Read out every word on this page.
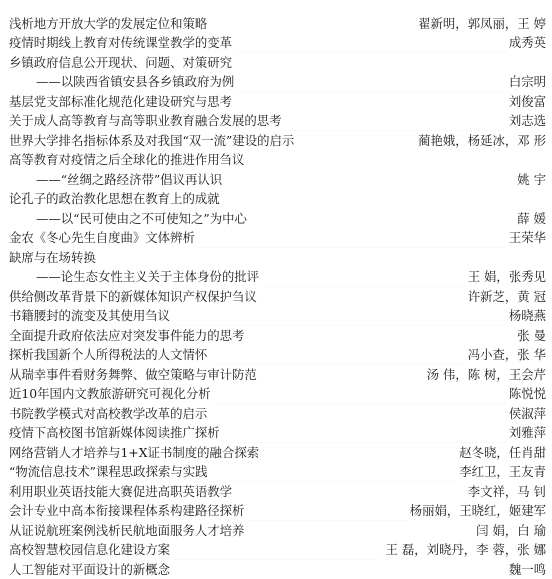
浅析地方开放大学的发展定位和策略	翟新明，郭凤丽，王 婷
疫情时期线上教育对传统课堂教学的变革	成秀英
乡镇政府信息公开现状、问题、对策研究
——以陕西省镇安县各乡镇政府为例	白宗明
基层党支部标准化规范化建设研究与思考	刘俊富
关于成人高等教育与高等职业教育融合发展的思考	刘志选
世界大学排名指标体系及对我国“双一流”建设的启示	蔺艳娥，杨延冰，邓 形
高等教育对疫情之后全球化的推进作用刍议
——“丝绸之路经济带”倡议再认识	姚 宇
论孔子的政治教化思想在教育上的成就
——以“民可使由之不可使知之”为中心	薛 媛
金农《冬心先生自度曲》文体辨析	王荣华
缺席与在场转换
——论生态女性主义关于主体身份的批评	王 娟，张秀见
供给侧改革背景下的新媒体知识产权保护刍议	许新芝，黄 冠
书籍腰封的流变及其使用刍议	杨晓燕
全面提升政府依法应对突发事件能力的思考	张 曼
探析我国新个人所得税法的人文情怀	冯小查，张 华
从瑞幸事件看财务舞弊、做空策略与审计防范	汤 伟，陈 树，王会芹
近10年国内文教旅游研究可视化分析	陈悦悦
书院教学模式对高校教学改革的启示	侯淑萍
疫情下高校图书馆新媒体阅读推广探析	刘雅萍
网络营销人才培养与1+X证书制度的融合探索	赵冬晓，任肖甜
“物流信息技术”课程思政探索与实践	李红卫，王友青
利用职业英语技能大赛促进高职英语教学	李文祥，马 钊
会计专业中高本衔接课程体系构建路径探析	杨丽娟，王晓红，姬建军
从证说航班案例浅析民航地面服务人才培养	闫 娟，白 瑜
高校智慧校园信息化建设方案	王 磊，刘晓丹，李 蓉，张 娜
人工智能对平面设计的新概念	魏一鸣
